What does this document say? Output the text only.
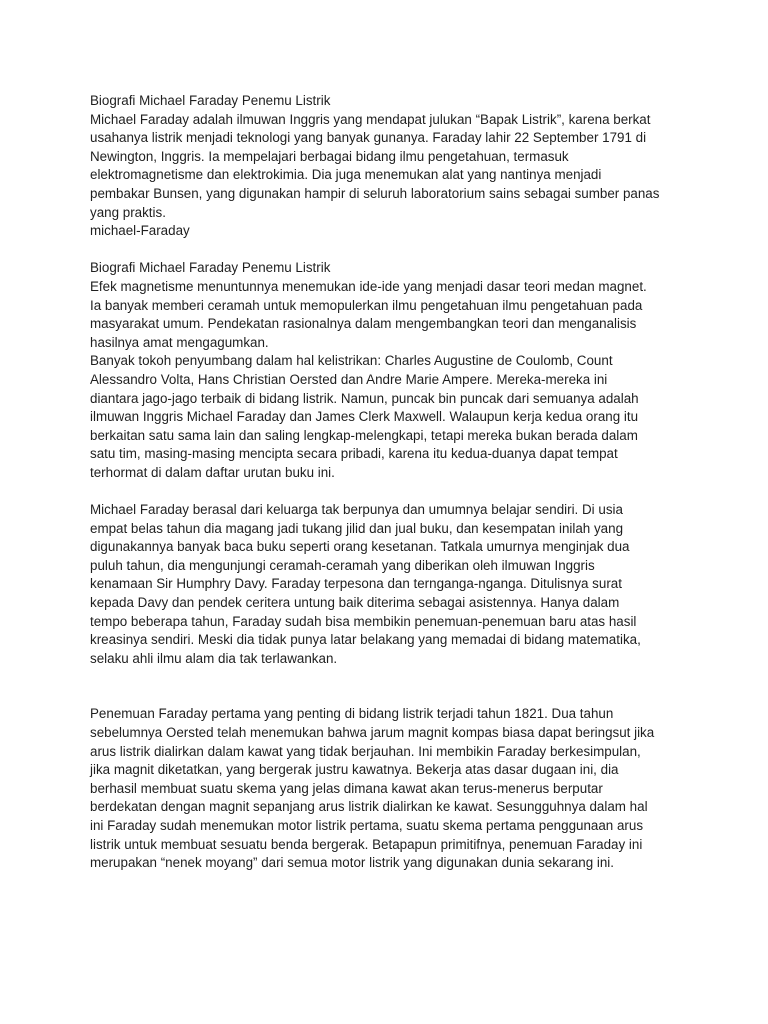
Biografi Michael Faraday Penemu Listrik
Michael Faraday adalah ilmuwan Inggris yang mendapat julukan “Bapak Listrik”, karena berkat
usahanya listrik menjadi teknologi yang banyak gunanya. Faraday lahir 22 September 1791 di
Newington, Inggris. Ia mempelajari berbagai bidang ilmu pengetahuan, termasuk
elektromagnetisme dan elektrokimia. Dia juga menemukan alat yang nantinya menjadi
pembakar Bunsen, yang digunakan hampir di seluruh laboratorium sains sebagai sumber panas
yang praktis.
michael-Faraday
Biografi Michael Faraday Penemu Listrik
Efek magnetisme menuntunnya menemukan ide-ide yang menjadi dasar teori medan magnet.
Ia banyak memberi ceramah untuk memopulerkan ilmu pengetahuan ilmu pengetahuan pada
masyarakat umum. Pendekatan rasionalnya dalam mengembangkan teori dan menganalisis
hasilnya amat mengagumkan.
Banyak tokoh penyumbang dalam hal kelistrikan: Charles Augustine de Coulomb, Count
Alessandro Volta, Hans Christian Oersted dan Andre Marie Ampere. Mereka-mereka ini
diantara jago-jago terbaik di bidang listrik. Namun, puncak bin puncak dari semuanya adalah
ilmuwan Inggris Michael Faraday dan James Clerk Maxwell. Walaupun kerja kedua orang itu
berkaitan satu sama lain dan saling lengkap-melengkapi, tetapi mereka bukan berada dalam
satu tim, masing-masing mencipta secara pribadi, karena itu kedua-duanya dapat tempat
terhormat di dalam daftar urutan buku ini.
Michael Faraday berasal dari keluarga tak berpunya dan umumnya belajar sendiri. Di usia
empat belas tahun dia magang jadi tukang jilid dan jual buku, dan kesempatan inilah yang
digunakannya banyak baca buku seperti orang kesetanan. Tatkala umurnya menginjak dua
puluh tahun, dia mengunjungi ceramah-ceramah yang diberikan oleh ilmuwan Inggris
kenamaan Sir Humphry Davy. Faraday terpesona dan ternganga-nganga. Ditulisnya surat
kepada Davy dan pendek ceritera untung baik diterima sebagai asistennya. Hanya dalam
tempo beberapa tahun, Faraday sudah bisa membikin penemuan-penemuan baru atas hasil
kreasinya sendiri. Meski dia tidak punya latar belakang yang memadai di bidang matematika,
selaku ahli ilmu alam dia tak terlawankan.
Penemuan Faraday pertama yang penting di bidang listrik terjadi tahun 1821. Dua tahun
sebelumnya Oersted telah menemukan bahwa jarum magnit kompas biasa dapat beringsut jika
arus listrik dialirkan dalam kawat yang tidak berjauhan. Ini membikin Faraday berkesimpulan,
jika magnit diketatkan, yang bergerak justru kawatnya. Bekerja atas dasar dugaan ini, dia
berhasil membuat suatu skema yang jelas dimana kawat akan terus-menerus berputar
berdekatan dengan magnit sepanjang arus listrik dialirkan ke kawat. Sesungguhnya dalam hal
ini Faraday sudah menemukan motor listrik pertama, suatu skema pertama penggunaan arus
listrik untuk membuat sesuatu benda bergerak. Betapapun primitifnya, penemuan Faraday ini
merupakan “nenek moyang” dari semua motor listrik yang digunakan dunia sekarang ini.
